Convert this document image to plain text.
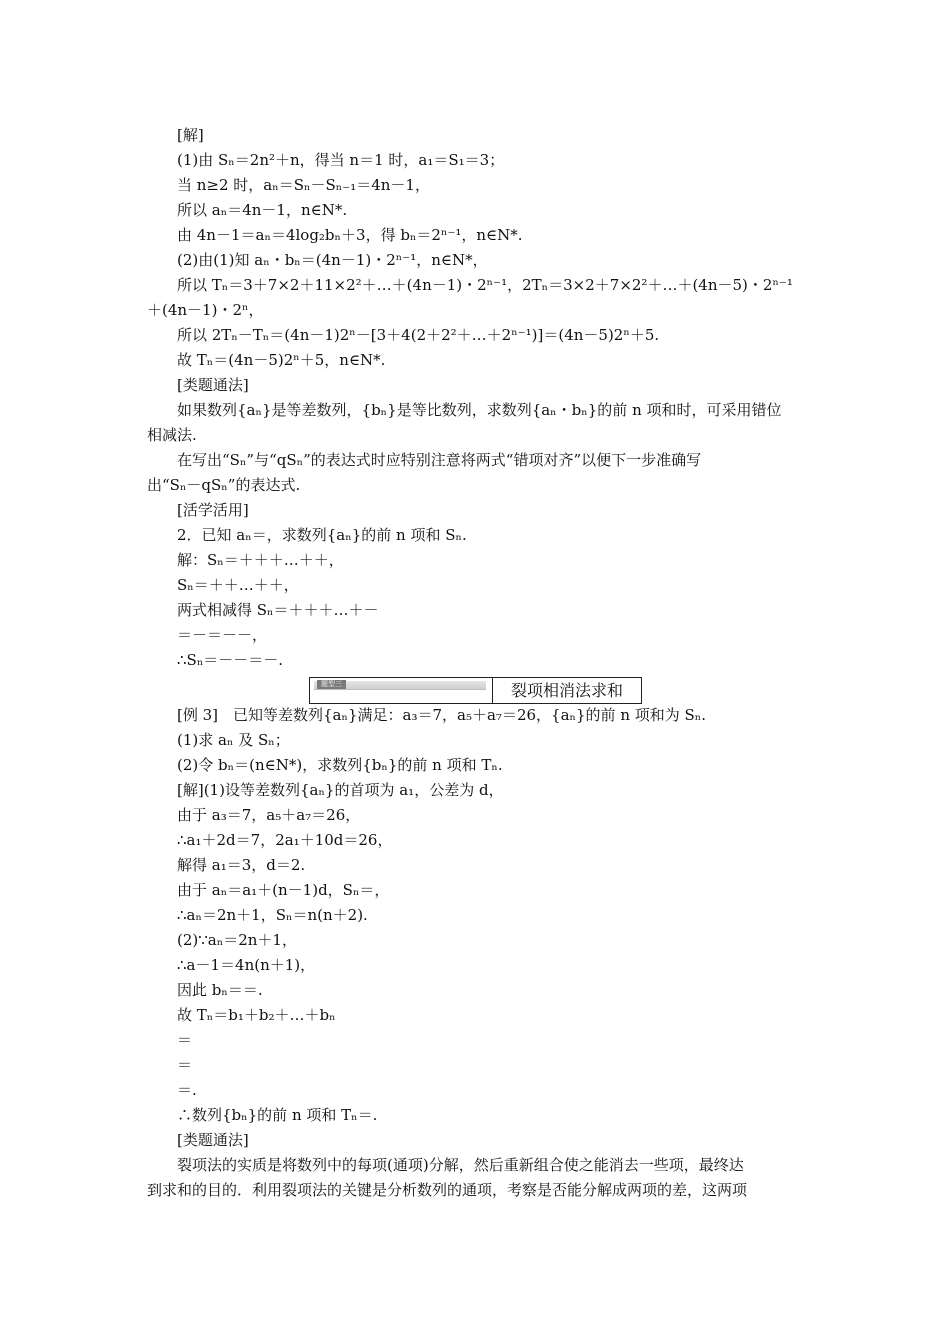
[解]
(1)由 Sₙ＝2n²＋n，得当 n＝1 时，a₁＝S₁＝3；
当 n≥2 时，aₙ＝Sₙ－Sₙ₋₁＝4n－1，
所以 aₙ＝4n－1，n∈N*.
由 4n－1＝aₙ＝4log₂bₙ＋3，得 bₙ＝2ⁿ⁻¹，n∈N*.
(2)由(1)知 aₙ・bₙ＝(4n－1)・2ⁿ⁻¹，n∈N*，
所以 Tₙ＝3＋7×2＋11×2²＋…＋(4n－1)・2ⁿ⁻¹，2Tₙ＝3×2＋7×2²＋…＋(4n－5)・2ⁿ⁻¹
＋(4n－1)・2ⁿ，
所以 2Tₙ－Tₙ＝(4n－1)2ⁿ－[3＋4(2＋2²＋…＋2ⁿ⁻¹)]＝(4n－5)2ⁿ＋5.
故 Tₙ＝(4n－5)2ⁿ＋5，n∈N*.
[类题通法]
如果数列{aₙ}是等差数列，{bₙ}是等比数列，求数列{aₙ・bₙ}的前 n 项和时，可采用错位
相减法.
在写出“Sₙ”与“qSₙ”的表达式时应特别注意将两式“错项对齐”以便下一步准确写
出“Sₙ－qSₙ”的表达式.
[活学活用]
2．已知 aₙ＝，求数列{aₙ}的前 n 项和 Sₙ.
解：Sₙ＝＋＋＋…＋＋，
Sₙ＝＋＋…＋＋，
两式相减得 Sₙ＝＋＋＋…＋－
＝－＝－－，
∴Sₙ＝－－＝－.
[例 3]　已知等差数列{aₙ}满足：a₃＝7，a₅＋a₇＝26，{aₙ}的前 n 项和为 Sₙ.
(1)求 aₙ 及 Sₙ；
(2)令 bₙ＝(n∈N*)，求数列{bₙ}的前 n 项和 Tₙ.
[解](1)设等差数列{aₙ}的首项为 a₁，公差为 d，
由于 a₃＝7，a₅＋a₇＝26，
∴a₁＋2d＝7，2a₁＋10d＝26，
解得 a₁＝3，d＝2.
由于 aₙ＝a₁＋(n－1)d，Sₙ＝，
∴aₙ＝2n＋1，Sₙ＝n(n＋2).
(2)∵aₙ＝2n＋1，
∴a－1＝4n(n＋1)，
因此 bₙ＝＝.
故 Tₙ＝b₁＋b₂＋…＋bₙ
＝
＝
＝.
∴数列{bₙ}的前 n 项和 Tₙ＝.
[类题通法]
裂项法的实质是将数列中的每项(通项)分解，然后重新组合使之能消去一些项，最终达
到求和的目的．利用裂项法的关键是分析数列的通项，考察是否能分解成两项的差，这两项
题型三	裂项相消法求和
